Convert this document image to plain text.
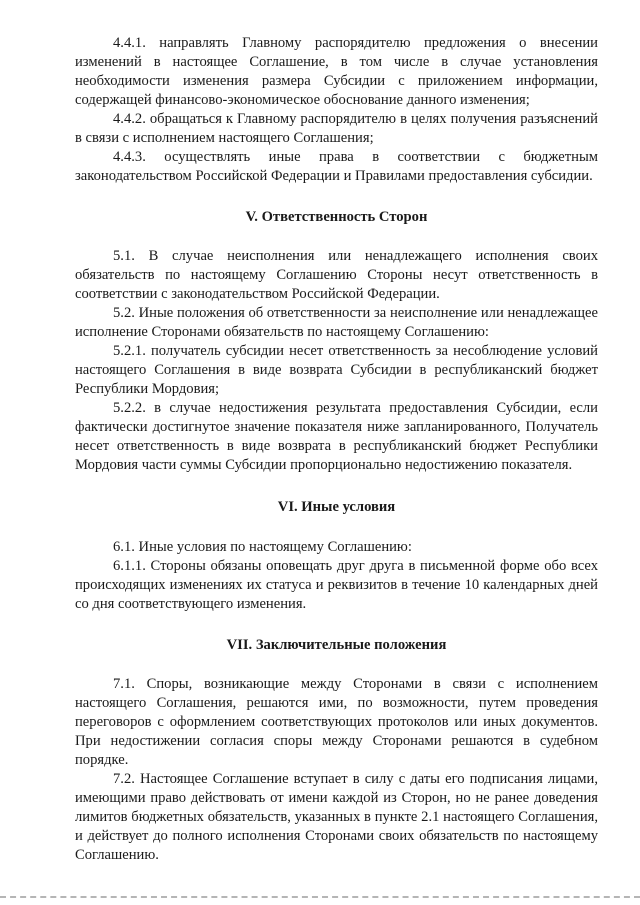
4.4.1. направлять Главному распорядителю предложения о внесении изменений в настоящее Соглашение, в том числе в случае установления необходимости изменения размера Субсидии с приложением информации, содержащей финансово-экономическое обоснование данного изменения;

4.4.2. обращаться к Главному распорядителю в целях получения разъяснений в связи с исполнением настоящего Соглашения;

4.4.3. осуществлять иные права в соответствии с бюджетным законодательством Российской Федерации и Правилами предоставления субсидии.

V. Ответственность Сторон

5.1. В случае неисполнения или ненадлежащего исполнения своих обязательств по настоящему Соглашению Стороны несут ответственность в соответствии с законодательством Российской Федерации.

5.2. Иные положения об ответственности за неисполнение или ненадлежащее исполнение Сторонами обязательств по настоящему Соглашению:

5.2.1. получатель субсидии несет ответственность за несоблюдение условий настоящего Соглашения в виде возврата Субсидии в республиканский бюджет Республики Мордовия;

5.2.2. в случае недостижения результата предоставления Субсидии, если фактически достигнутое значение показателя ниже запланированного, Получатель несет ответственность в виде возврата в республиканский бюджет Республики Мордовия части суммы Субсидии пропорционально недостижению показателя.

VI. Иные условия

6.1. Иные условия по настоящему Соглашению:

6.1.1. Стороны обязаны оповещать друг друга в письменной форме обо всех происходящих изменениях их статуса и реквизитов в течение 10 календарных дней со дня соответствующего изменения.

VII. Заключительные положения

7.1. Споры, возникающие между Сторонами в связи с исполнением настоящего Соглашения, решаются ими, по возможности, путем проведения переговоров с оформлением соответствующих протоколов или иных документов. При недостижении согласия споры между Сторонами решаются в судебном порядке.

7.2. Настоящее Соглашение вступает в силу с даты его подписания лицами, имеющими право действовать от имени каждой из Сторон, но не ранее доведения лимитов бюджетных обязательств, указанных в пункте 2.1 настоящего Соглашения, и действует до полного исполнения Сторонами своих обязательств по настоящему Соглашению.
